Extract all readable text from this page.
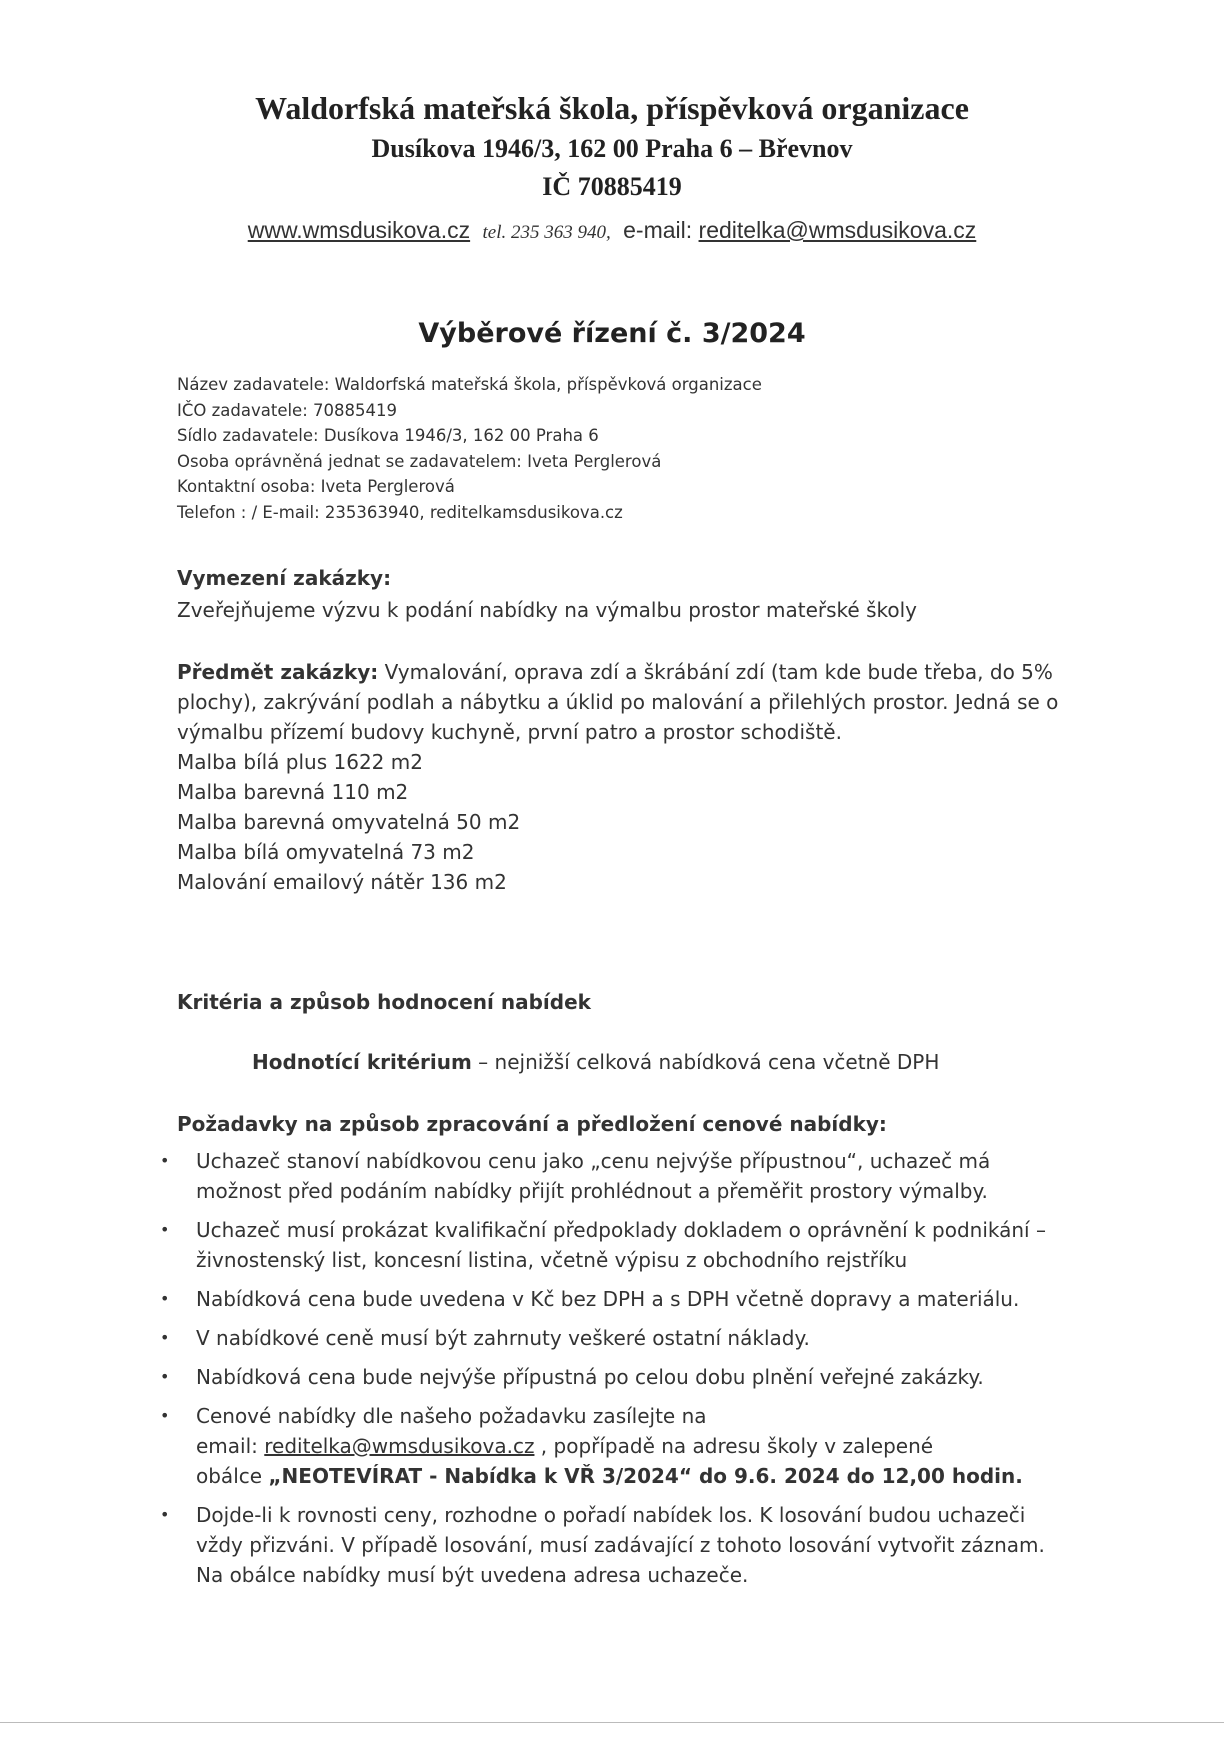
Waldorfská mateřská škola, příspěvková organizace
Dusíkova 1946/3, 162 00 Praha 6 – Břevnov
IČ 70885419
www.wmsdusikova.cz tel. 235 363 940, e-mail: reditelka@wmsdusikova.cz
Výběrové řízení č. 3/2024
Název zadavatele: Waldorfská mateřská škola, příspěvková organizace
IČO zadavatele: 70885419
Sídlo zadavatele: Dusíkova 1946/3, 162 00 Praha 6
Osoba oprávněná jednat se zadavatelem: Iveta Perglerová
Kontaktní osoba: Iveta Perglerová
Telefon : / E-mail: 235363940, reditelkamsdusikova.cz
Vymezení zakázky:
Zveřejňujeme výzvu k podání nabídky na výmalbu prostor mateřské školy
Předmět zakázky: Vymalování, oprava zdí a škrábání zdí (tam kde bude třeba, do 5%
plochy), zakrývání podlah a nábytku a úklid po malování a přilehlých prostor. Jedná se o
výmalbu přízemí budovy kuchyně, první patro a prostor schodiště.
Malba bílá plus 1622 m2
Malba barevná 110 m2
Malba barevná omyvatelná 50 m2
Malba bílá omyvatelná 73 m2
Malování emailový nátěr 136 m2
Kritéria a způsob hodnocení nabídek
Hodnotící kritérium – nejnižší celková nabídková cena včetně DPH
Požadavky na způsob zpracování a předložení cenové nabídky:
• Uchazeč stanoví nabídkovou cenu jako „cenu nejvýše přípustnou“, uchazeč má
možnost před podáním nabídky přijít prohlédnout a přeměřit prostory výmalby.
• Uchazeč musí prokázat kvalifikační předpoklady dokladem o oprávnění k podnikání –
živnostenský list, koncesní listina, včetně výpisu z obchodního rejstříku
• Nabídková cena bude uvedena v Kč bez DPH a s DPH včetně dopravy a materiálu.
• V nabídkové ceně musí být zahrnuty veškeré ostatní náklady.
• Nabídková cena bude nejvýše přípustná po celou dobu plnění veřejné zakázky.
• Cenové nabídky dle našeho požadavku zasílejte na
email: reditelka@wmsdusikova.cz , popřípadě na adresu školy v zalepené
obálce „NEOTEVÍRAT - Nabídka k VŘ 3/2024“ do 9.6. 2024 do 12,00 hodin.
• Dojde-li k rovnosti ceny, rozhodne o pořadí nabídek los. K losování budou uchazeči
vždy přizváni. V případě losování, musí zadávající z tohoto losování vytvořit záznam.
Na obálce nabídky musí být uvedena adresa uchazeče.
